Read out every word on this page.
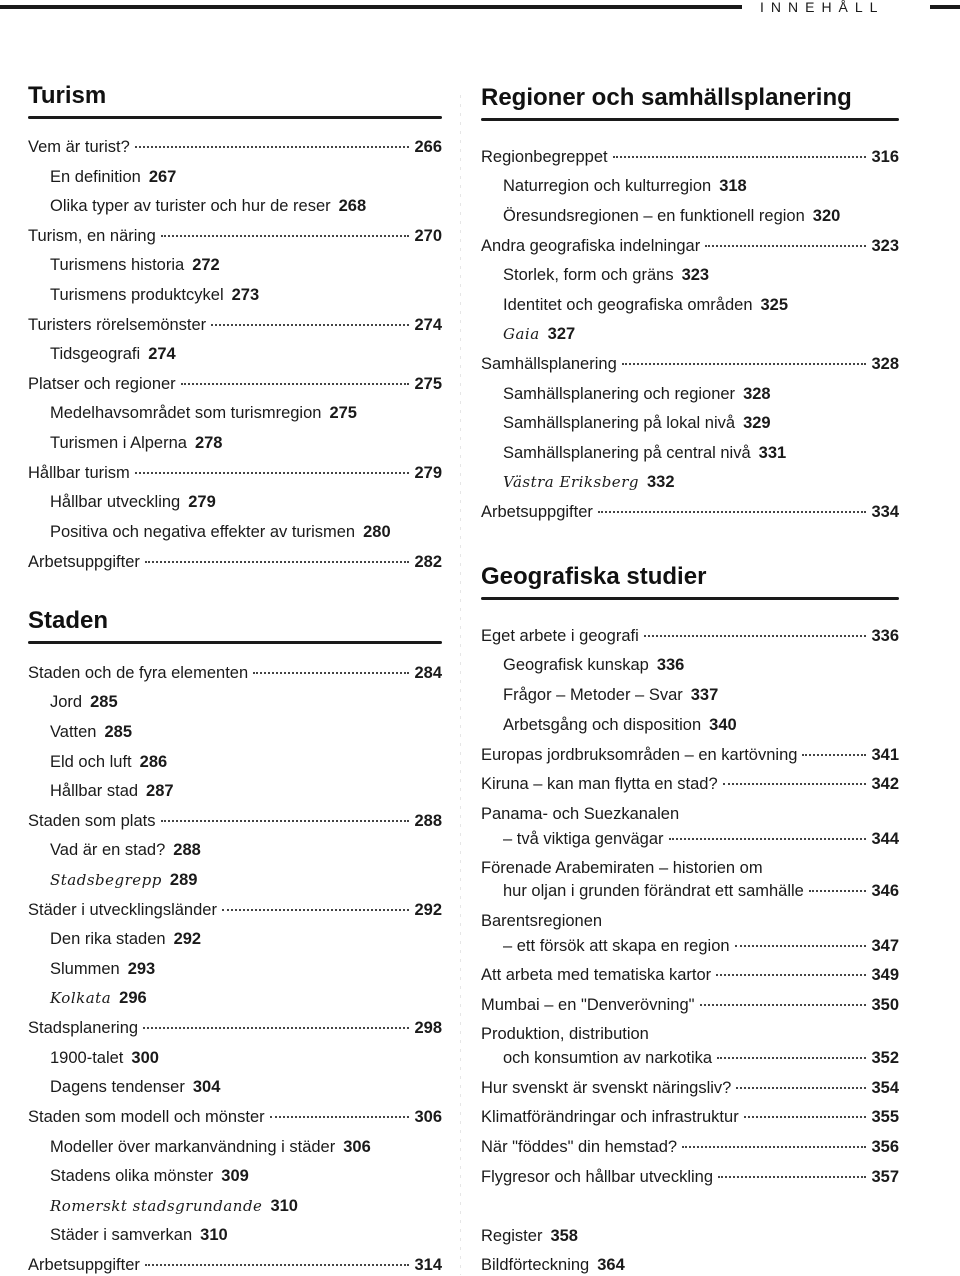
INNEHÅLL
Turism
Vem är turist?	266
En definition 267
Olika typer av turister och hur de reser 268
Turism, en näring	270
Turismens historia 272
Turismens produktcykel 273
Turisters rörelsemönster	274
Tidsgeografi 274
Platser och regioner	275
Medelhavsområdet som turismregion 275
Turismen i Alperna 278
Hållbar turism	279
Hållbar utveckling 279
Positiva och negativa effekter av turismen 280
Arbetsuppgifter	282
Staden
Staden och de fyra elementen	284
Jord 285
Vatten 285
Eld och luft 286
Hållbar stad 287
Staden som plats	288
Vad är en stad? 288
Stadsbegrepp 289
Städer i utvecklingsländer	292
Den rika staden 292
Slummen 293
Kolkata 296
Stadsplanering	298
1900-talet 300
Dagens tendenser 304
Staden som modell och mönster	306
Modeller över markanvändning i städer 306
Stadens olika mönster 309
Romerskt stadsgrundande 310
Städer i samverkan 310
Arbetsuppgifter	314
Regioner och samhällsplanering
Regionbegreppet	316
Naturregion och kulturregion 318
Öresundsregionen – en funktionell region 320
Andra geografiska indelningar	323
Storlek, form och gräns 323
Identitet och geografiska områden 325
Gaia 327
Samhällsplanering	328
Samhällsplanering och regioner 328
Samhällsplanering på lokal nivå 329
Samhällsplanering på central nivå 331
Västra Eriksberg 332
Arbetsuppgifter	334
Geografiska studier
Eget arbete i geografi	336
Geografisk kunskap 336
Frågor – Metoder – Svar 337
Arbetsgång och disposition 340
Europas jordbruksområden – en kartövning	341
Kiruna – kan man flytta en stad?	342
Panama- och Suezkanalen
– två viktiga genvägar	344
Förenade Arabemiraten – historien om
hur oljan i grunden förändrat ett samhälle	346
Barentsregionen
– ett försök att skapa en region	347
Att arbeta med tematiska kartor	349
Mumbai – en "Denverövning"	350
Produktion, distribution
och konsumtion av narkotika	352
Hur svenskt är svenskt näringsliv?	354
Klimatförändringar och infrastruktur	355
När "föddes" din hemstad?	356
Flygresor och hållbar utveckling	357
Register 358
Bildförteckning 364
